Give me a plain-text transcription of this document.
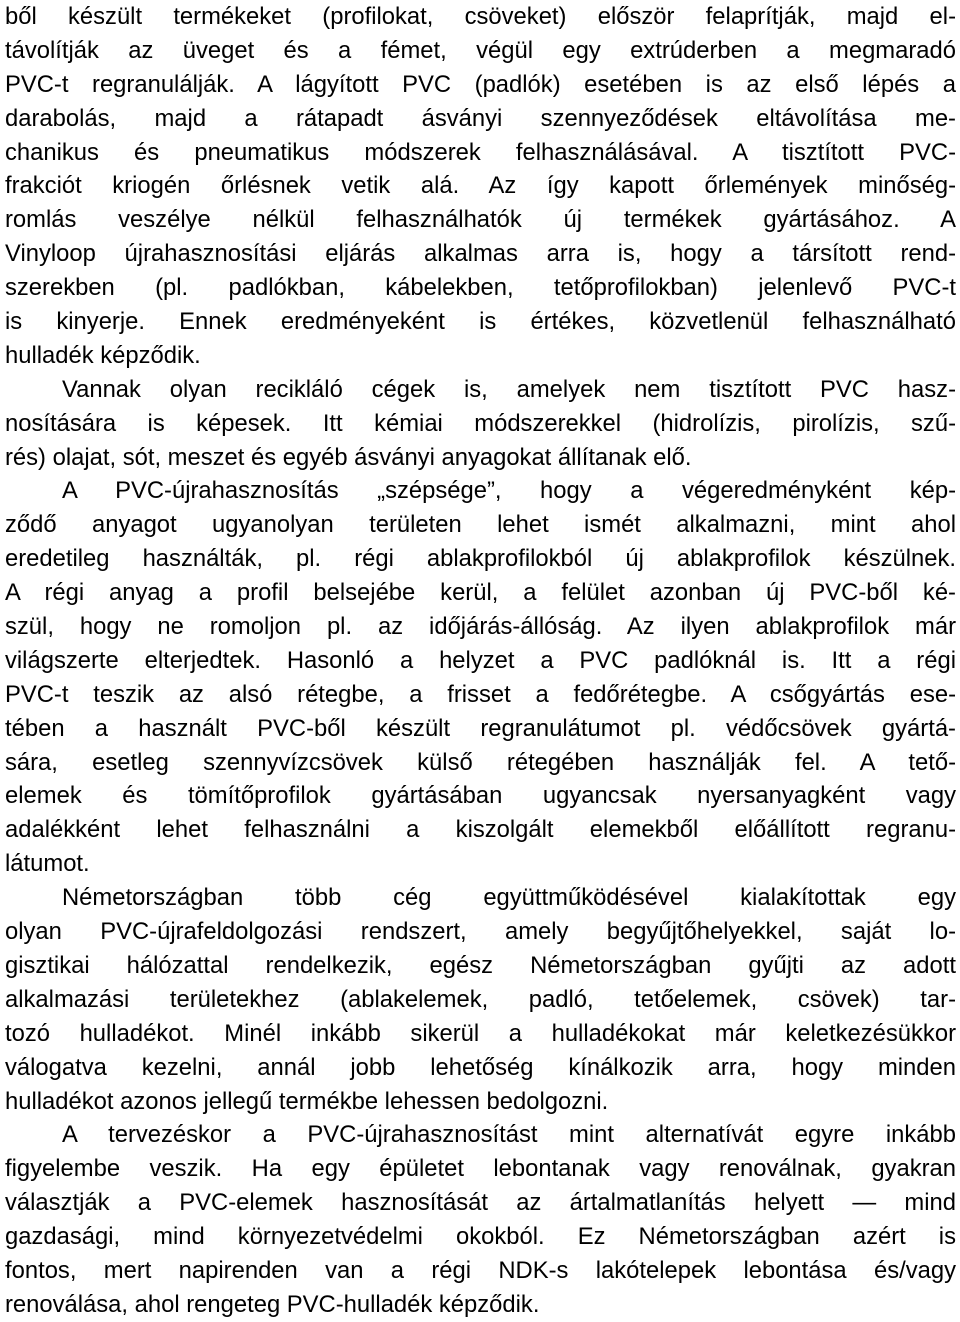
ből készült termékeket (profilokat, csöveket) először felaprítják, majd el-
távolítják az üveget és a fémet, végül egy extrúderben a megmaradó
PVC-t regranulálják. A lágyított PVC (padlók) esetében is az első lépés a
darabolás, majd a rátapadt ásványi szennyeződések eltávolítása me-
chanikus és pneumatikus módszerek felhasználásával. A tisztított PVC-
frakciót kriogén őrlésnek vetik alá. Az így kapott őrlemények minőség-
romlás veszélye nélkül felhasználhatók új termékek gyártásához. A
Vinyloop újrahasznosítási eljárás alkalmas arra is, hogy a társított rend-
szerekben (pl. padlókban, kábelekben, tetőprofilokban) jelenlevő PVC-t
is kinyerje. Ennek eredményeként is értékes, közvetlenül felhasználható
hulladék képződik.
Vannak olyan recikláló cégek is, amelyek nem tisztított PVC hasz-
nosítására is képesek. Itt kémiai módszerekkel (hidrolízis, pirolízis, szű-
rés) olajat, sót, meszet és egyéb ásványi anyagokat állítanak elő.
A PVC-újrahasznosítás „szépsége”, hogy a végeredményként kép-
ződő anyagot ugyanolyan területen lehet ismét alkalmazni, mint ahol
eredetileg használták, pl. régi ablakprofilokból új ablakprofilok készülnek.
A régi anyag a profil belsejébe kerül, a felület azonban új PVC-ből ké-
szül, hogy ne romoljon pl. az időjárás-állóság. Az ilyen ablakprofilok már
világszerte elterjedtek. Hasonló a helyzet a PVC padlóknál is. Itt a régi
PVC-t teszik az alsó rétegbe, a frisset a fedőrétegbe. A csőgyártás ese-
tében a használt PVC-ből készült regranulátumot pl. védőcsövek gyártá-
sára, esetleg szennyvízcsövek külső rétegében használják fel. A tető-
elemek és tömítőprofilok gyártásában ugyancsak nyersanyagként vagy
adalékként lehet felhasználni a kiszolgált elemekből előállított regranu-
látumot.
Németországban több cég együttműködésével kialakítottak egy
olyan PVC-újrafeldolgozási rendszert, amely begyűjtőhelyekkel, saját lo-
gisztikai hálózattal rendelkezik, egész Németországban gyűjti az adott
alkalmazási területekhez (ablakelemek, padló, tetőelemek, csövek) tar-
tozó hulladékot. Minél inkább sikerül a hulladékokat már keletkezésükkor
válogatva kezelni, annál jobb lehetőség kínálkozik arra, hogy minden
hulladékot azonos jellegű termékbe lehessen bedolgozni.
A tervezéskor a PVC-újrahasznosítást mint alternatívát egyre inkább
figyelembe veszik. Ha egy épületet lebontanak vagy renoválnak, gyakran
választják a PVC-elemek hasznosítását az ártalmatlanítás helyett — mind
gazdasági, mind környezetvédelmi okokból. Ez Németországban azért is
fontos, mert napirenden van a régi NDK-s lakótelepek lebontása és/vagy
renoválása, ahol rengeteg PVC-hulladék képződik.
